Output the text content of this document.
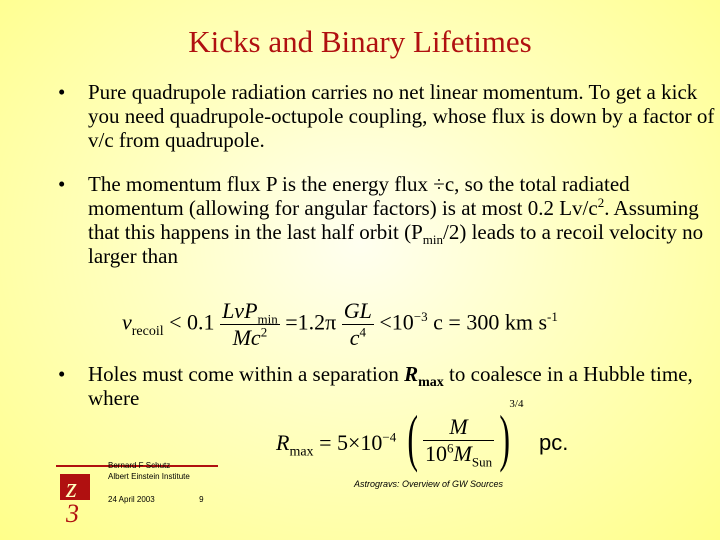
Kicks and Binary Lifetimes
• Pure quadrupole radiation carries no net linear momentum. To get a kick you need quadrupole-octupole coupling, whose flux is down by a factor of v/c from quadrupole.
• The momentum flux P is the energy flux ÷c, so the total radiated momentum (allowing for angular factors) is at most 0.2 $Lv/c^2$. Assuming that this happens in the last half orbit $(P_{min}/2)$ leads to a recoil velocity no larger than
$v_{recoil} < 0.1 \frac{LvP_{min}}{Mc^2} =1.2\pi \frac{GL}{c^4} <10^{-3}$ c = 300 km $s^{-1}$
• Holes must come within a separation $R_{max}$ to coalesce in a Hubble time, where
$R_{max} = 5\times 10^{-4}$ ( $\frac{M}{10^6M_{Sun}} )3/4$ pc.
z
3
Bernard F Schutz
Albert Einstein Institute
24 April 2003	9
Astrogravs: Overview of GW Sources
